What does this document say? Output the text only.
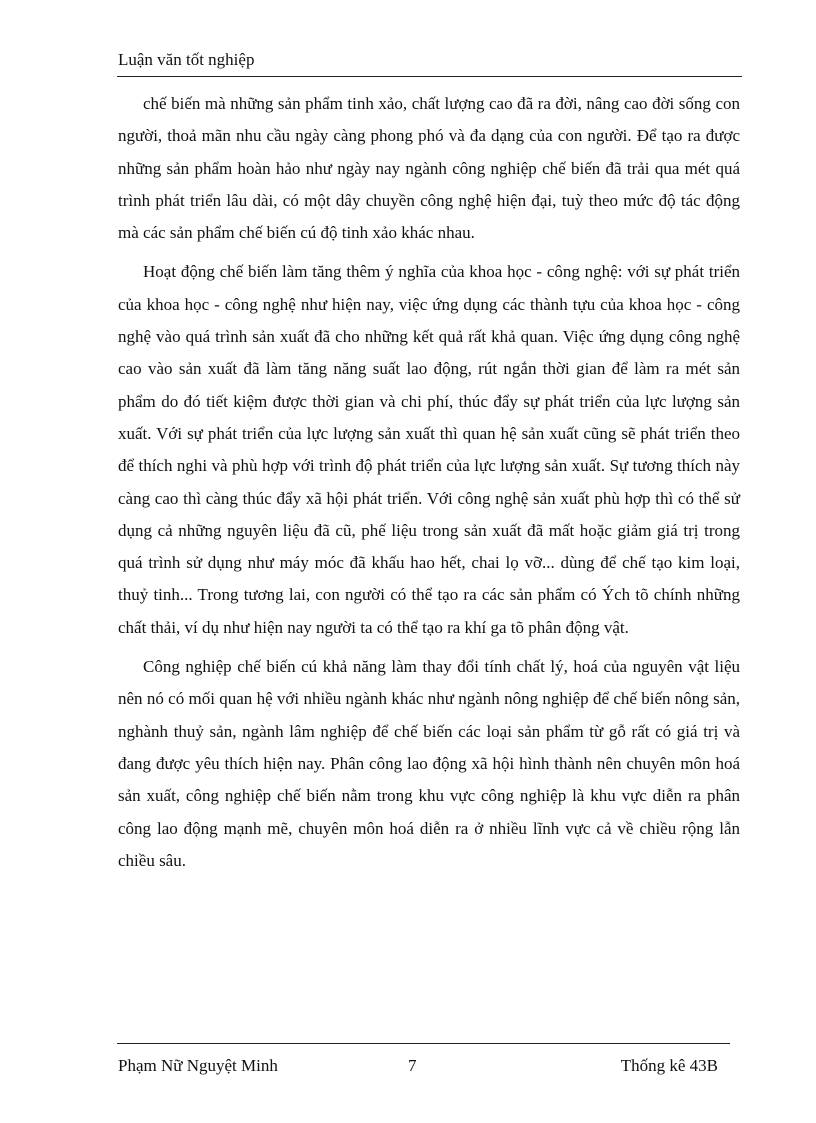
Luận văn tốt nghiệp

chế biến mà những sản phẩm tinh xảo, chất lượng cao đã ra đời, nâng cao đời sống con người, thoả mãn nhu cầu ngày càng phong phó và đa dạng của con người. Để tạo ra được những sản phẩm hoàn hảo như ngày nay ngành công nghiệp chế biến đã trải qua mét quá trình phát triển lâu dài, có một dây chuyền công nghệ hiện đại, tuỳ theo mức độ tác động mà các sản phẩm chế biến cú độ tinh xảo khác nhau.

Hoạt động chế biến làm tăng thêm ý nghĩa của khoa học - công nghệ: với sự phát triển của khoa học - công nghệ như hiện nay, việc ứng dụng các thành tựu của khoa học - công nghệ vào quá trình sản xuất đã cho những kết quả rất khả quan. Việc ứng dụng công nghệ cao vào sản xuất đã làm tăng năng suất lao động, rút ngắn thời gian để làm ra mét sản phẩm do đó tiết kiệm được thời gian và chi phí, thúc đẩy sự phát triển của lực lượng sản xuất. Với sự phát triển của lực lượng sản xuất thì quan hệ sản xuất cũng sẽ phát triển theo để thích nghi và phù hợp với trình độ phát triển của lực lượng sản xuất. Sự tương thích này càng cao thì càng thúc đẩy xã hội phát triển. Với công nghệ sản xuất phù hợp thì có thể sử dụng cả những nguyên liệu đã cũ, phế liệu trong sản xuất đã mất hoặc giảm giá trị trong quá trình sử dụng như máy móc đã khấu hao hết, chai lọ vỡ... dùng để chế tạo kim loại, thuỷ tinh... Trong tương lai, con người có thể tạo ra các sản phẩm có Ých tõ chính những chất thải, ví dụ như hiện nay người ta có thể tạo ra khí ga tõ phân động vật.

Công nghiệp chế biến cú khả năng làm thay đổi tính chất lý, hoá của nguyên vật liệu nên nó có mối quan hệ với nhiều ngành khác như ngành nông nghiệp để chế biến nông sản, nghành thuỷ sản, ngành lâm nghiệp để chế biến các loại sản phẩm từ gỗ rất có giá trị và đang được yêu thích hiện nay. Phân công lao động xã hội hình thành nên chuyên môn hoá sản xuất, công nghiệp chế biến nằm trong khu vực công nghiệp là khu vực diễn ra phân công lao động mạnh mẽ, chuyên môn hoá diễn ra ở nhiều lĩnh vực cả về chiều rộng lẫn chiều sâu.

Phạm Nữ Nguyệt Minh	7	Thống kê 43B
